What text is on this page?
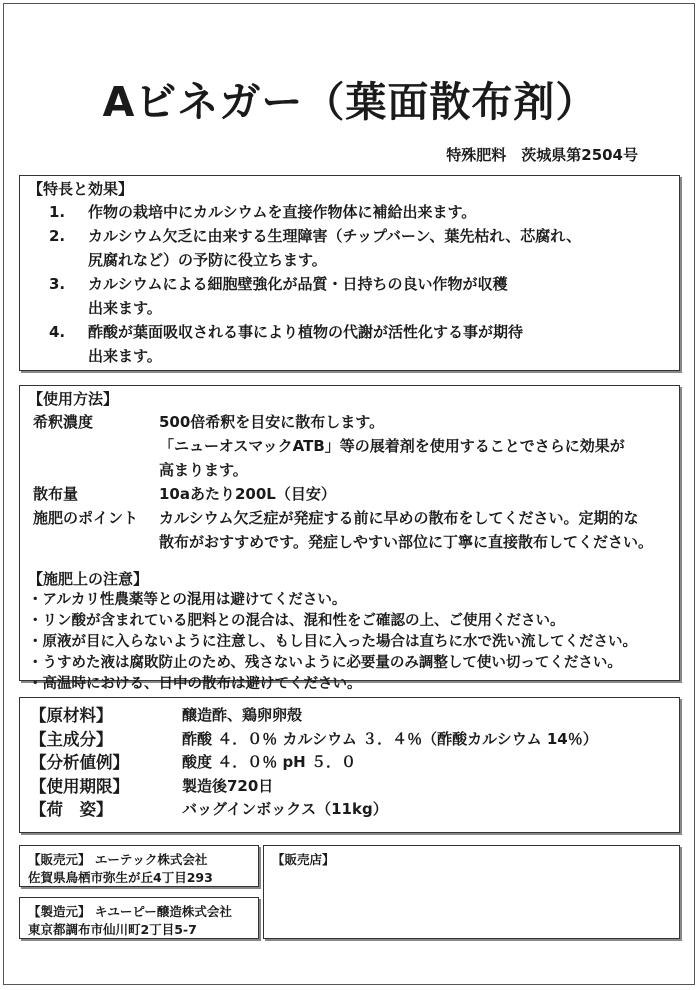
Aビネガー（葉面散布剤）
特殊肥料　茨城県第2504号
【特長と効果】
1. 作物の栽培中にカルシウムを直接作物体に補給出来ます。
2. カルシウム欠乏に由来する生理障害（チップバーン、葉先枯れ、芯腐れ、
尻腐れなど）の予防に役立ちます。
3. カルシウムによる細胞壁強化が品質・日持ちの良い作物が収穫
出来ます。
4. 酢酸が葉面吸収される事により植物の代謝が活性化する事が期待
出来ます。
【使用方法】
希釈濃度	500倍希釈を目安に散布します。
「ニューオスマックATB」等の展着剤を使用することでさらに効果が
高まります。
散布量	10aあたり200L（目安）
施肥のポイント カルシウム欠乏症が発症する前に早めの散布をしてください。定期的な
散布がおすすめです。発症しやすい部位に丁寧に直接散布してください。
【施肥上の注意】
・アルカリ性農薬等との混用は避けてください。
・リン酸が含まれている肥料との混合は、混和性をご確認の上、ご使用ください。
・原液が目に入らないように注意し、もし目に入った場合は直ちに水で洗い流してください。
・うすめた液は腐敗防止のため、残さないように必要量のみ調整して使い切ってください。
・高温時における、日中の散布は避けてください。
【原材料】	醸造酢、鶏卵卵殻
【主成分】	酢酸 ４．０％ カルシウム ３．４％（酢酸カルシウム 14％）
【分析値例】	酸度 ４．０％ pH ５．０
【使用期限】	製造後720日
【荷　姿】	バッグインボックス（11kg）
【販売元】 エーテック株式会社
佐賀県鳥栖市弥生が丘4丁目293
【製造元】 キユーピー醸造株式会社
東京都調布市仙川町2丁目5-7
【販売店】
